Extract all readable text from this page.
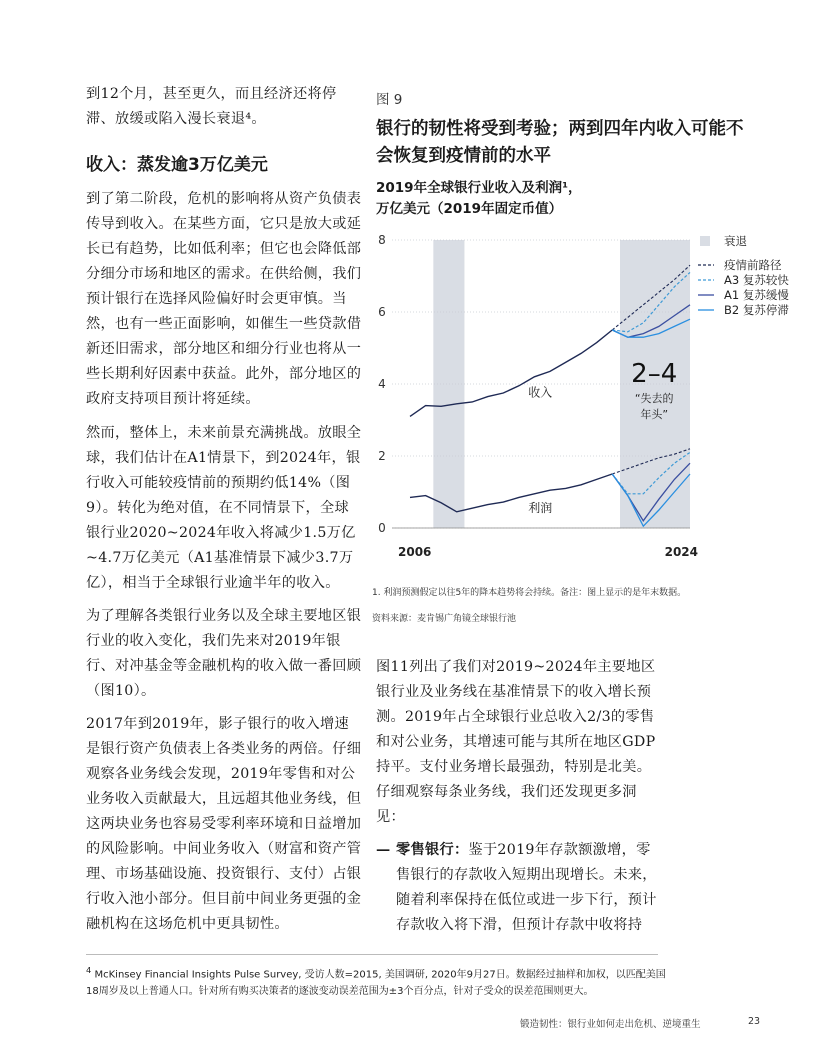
到12个月，甚至更久，而且经济还将停滞、放缓或陷入漫长衰退⁴。

收入：蒸发逾3万亿美元

到了第二阶段，危机的影响将从资产负债表传导到收入。在某些方面，它只是放大或延长已有趋势，比如低利率；但它也会降低部分细分市场和地区的需求。在供给侧，我们预计银行在选择风险偏好时会更审慎。当然，也有一些正面影响，如催生一些贷款借新还旧需求，部分地区和细分行业也将从一些长期利好因素中获益。此外，部分地区的政府支持项目预计将延续。

然而，整体上，未来前景充满挑战。放眼全球，我们估计在A1情景下，到2024年，银行收入可能较疫情前的预期约低14%（图9）。转化为绝对值，在不同情景下，全球银行业2020~2024年收入将减少1.5万亿~4.7万亿美元（A1基准情景下减少3.7万亿），相当于全球银行业逾半年的收入。

为了理解各类银行业务以及全球主要地区银行业的收入变化，我们先来对2019年银行、对冲基金等金融机构的收入做一番回顾（图10）。

2017年到2019年，影子银行的收入增速是银行资产负债表上各类业务的两倍。仔细观察各业务线会发现，2019年零售和对公业务收入贡献最大，且远超其他业务线，但这两块业务也容易受零利率环境和日益增加的风险影响。中间业务收入（财富和资产管理、市场基础设施、投资银行、支付）占银行收入池小部分。但目前中间业务更强的金融机构在这场危机中更具韧性。

图 9
银行的韧性将受到考验；两到四年内收入可能不会恢复到疫情前的水平
2019年全球银行业收入及利润¹，
万亿美元（2019年固定币值）
0
2
4
6
8
2006	2024
收入
利润
2–4
“失去的
年头”
衰退
疫情前路径
A3 复苏较快
A1 复苏缓慢
B2 复苏停滞
1. 利润预测假定以往5年的降本趋势将会持续。备注：图上显示的是年末数据。
资料来源：麦肯锡广角镜全球银行池

图11列出了我们对2019~2024年主要地区银行业及业务线在基准情景下的收入增长预测。2019年占全球银行业总收入2/3的零售和对公业务，其增速可能与其所在地区GDP持平。支付业务增长最强劲，特别是北美。仔细观察每条业务线，我们还发现更多洞见：

— 零售银行：鉴于2019年存款额激增，零售银行的存款收入短期出现增长。未来，随着利率保持在低位或进一步下行，预计存款收入将下滑，但预计存款中收将持
$^4$ McKinsey Financial Insights Pulse Survey, 受访人数=2015, 美国调研, 2020年9月27日。数据经过抽样和加权，以匹配美国18周岁及以上普通人口。针对所有购买决策者的逐波变动误差范围为±3个百分点，针对子受众的误差范围则更大。
锻造韧性：银行业如何走出危机、逆境重生	23
